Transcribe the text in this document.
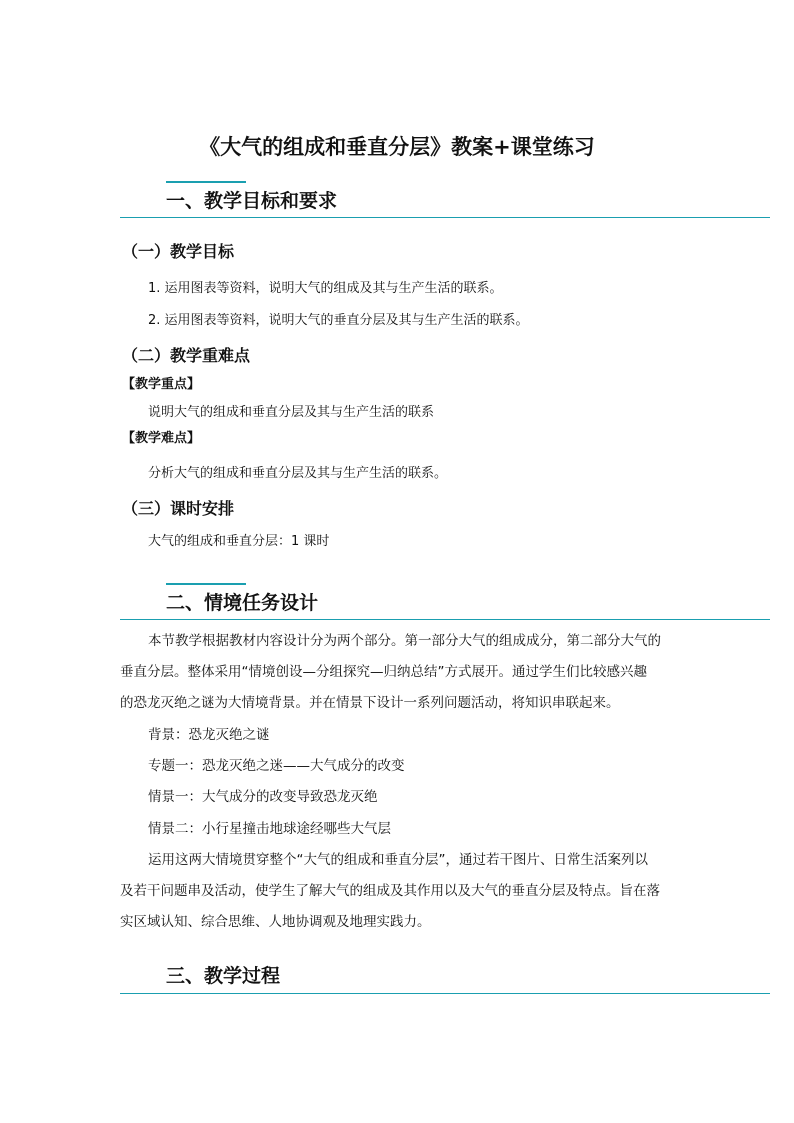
《大气的组成和垂直分层》教案+课堂练习
一、教学目标和要求
（一）教学目标
1. 运用图表等资料，说明大气的组成及其与生产生活的联系。
2. 运用图表等资料，说明大气的垂直分层及其与生产生活的联系。
（二）教学重难点
【教学重点】
说明大气的组成和垂直分层及其与生产生活的联系
【教学难点】
分析大气的组成和垂直分层及其与生产生活的联系。
（三）课时安排
大气的组成和垂直分层：1 课时
二、情境任务设计
本节教学根据教材内容设计分为两个部分。第一部分大气的组成成分，第二部分大气的
垂直分层。整体采用“情境创设—分组探究—归纳总结”方式展开。通过学生们比较感兴趣
的恐龙灭绝之谜为大情境背景。并在情景下设计一系列问题活动，将知识串联起来。
背景：恐龙灭绝之谜
专题一：恐龙灭绝之迷——大气成分的改变
情景一：大气成分的改变导致恐龙灭绝
情景二：小行星撞击地球途经哪些大气层
运用这两大情境贯穿整个“大气的组成和垂直分层”，通过若干图片、日常生活案列以
及若干问题串及活动，使学生了解大气的组成及其作用以及大气的垂直分层及特点。旨在落
实区域认知、综合思维、人地协调观及地理实践力。
三、教学过程
